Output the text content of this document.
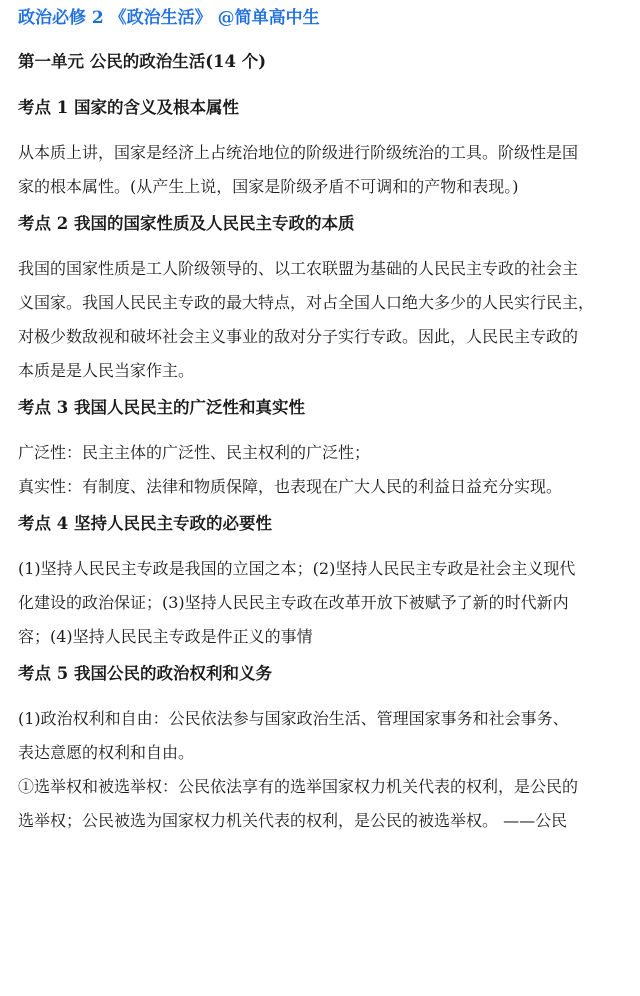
政治必修 2 《政治生活》 @简单高中生
第一单元 公民的政治生活(14 个)
考点 1 国家的含义及根本属性
从本质上讲，国家是经济上占统治地位的阶级进行阶级统治的工具。阶级性是国
家的根本属性。(从产生上说，国家是阶级矛盾不可调和的产物和表现。)
考点 2 我国的国家性质及人民民主专政的本质
我国的国家性质是工人阶级领导的、以工农联盟为基础的人民民主专政的社会主
义国家。我国人民民主专政的最大特点，对占全国人口绝大多少的人民实行民主，
对极少数敌视和破坏社会主义事业的敌对分子实行专政。因此，人民民主专政的
本质是是人民当家作主。
考点 3 我国人民民主的广泛性和真实性
广泛性：民主主体的广泛性、民主权利的广泛性；
真实性：有制度、法律和物质保障，也表现在广大人民的利益日益充分实现。
考点 4 坚持人民民主专政的必要性
(1)坚持人民民主专政是我国的立国之本；(2)坚持人民民主专政是社会主义现代
化建设的政治保证；(3)坚持人民民主专政在改革开放下被赋予了新的时代新内
容；(4)坚持人民民主专政是件正义的事情
考点 5 我国公民的政治权利和义务
(1)政治权利和自由：公民依法参与国家政治生活、管理国家事务和社会事务、
表达意愿的权利和自由。
①选举权和被选举权：公民依法享有的选举国家权力机关代表的权利，是公民的
选举权；公民被选为国家权力机关代表的权利，是公民的被选举权。 ——公民
